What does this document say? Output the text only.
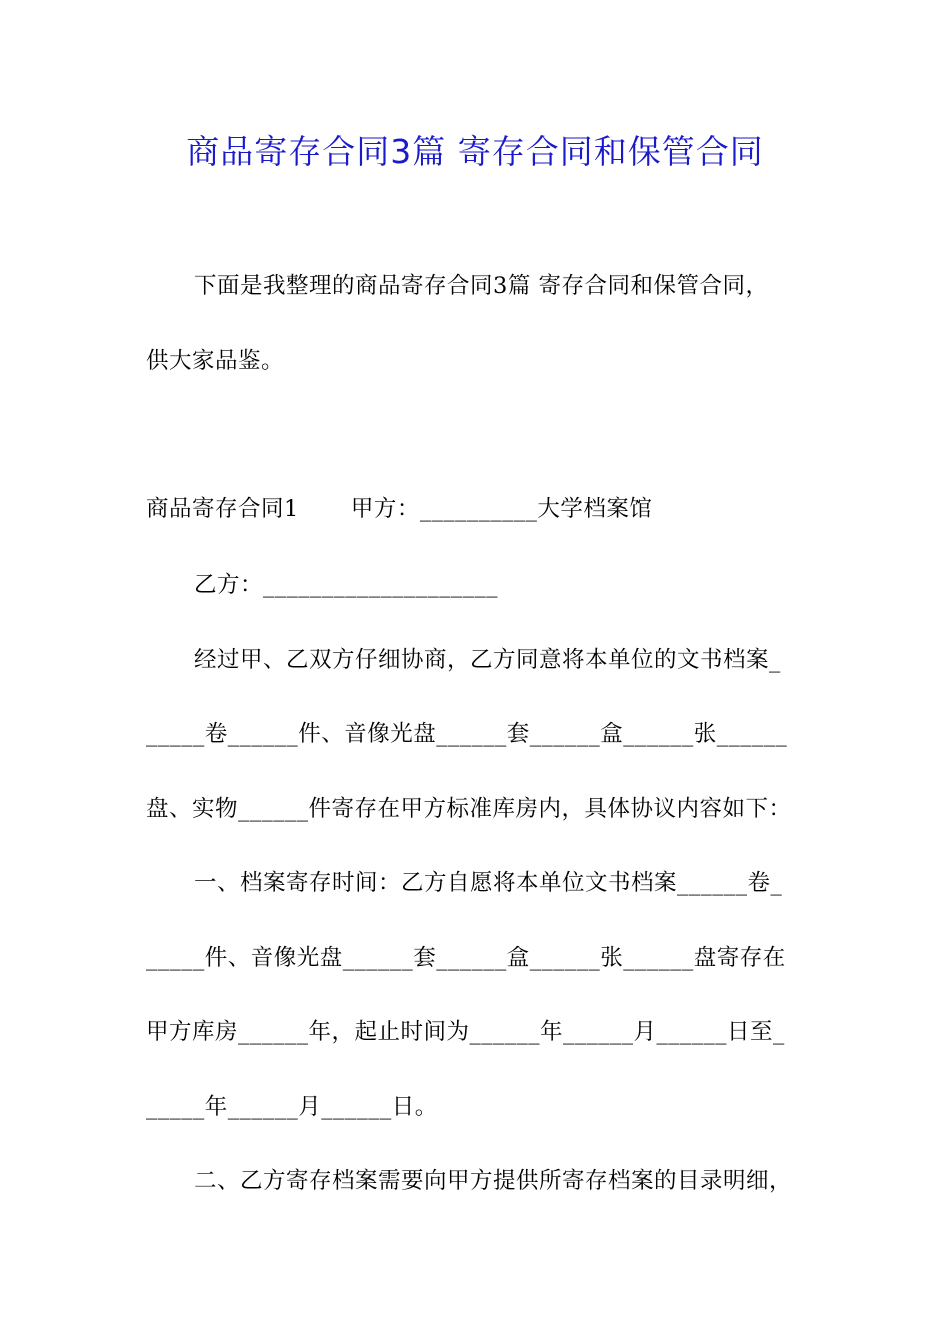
商品寄存合同3篇 寄存合同和保管合同
下面是我整理的商品寄存合同3篇 寄存合同和保管合同，
供大家品鉴。
商品寄存合同1 甲方：__________大学档案馆
乙方：____________________
经过甲、乙双方仔细协商，乙方同意将本单位的文书档案_
_____卷______件、音像光盘______套______盒______张______
盘、实物______件寄存在甲方标准库房内，具体协议内容如下：
一、档案寄存时间：乙方自愿将本单位文书档案______卷_
_____件、音像光盘______套______盒______张______盘寄存在
甲方库房______年，起止时间为______年______月______日至_
_____年______月______日。
二、乙方寄存档案需要向甲方提供所寄存档案的目录明细，
